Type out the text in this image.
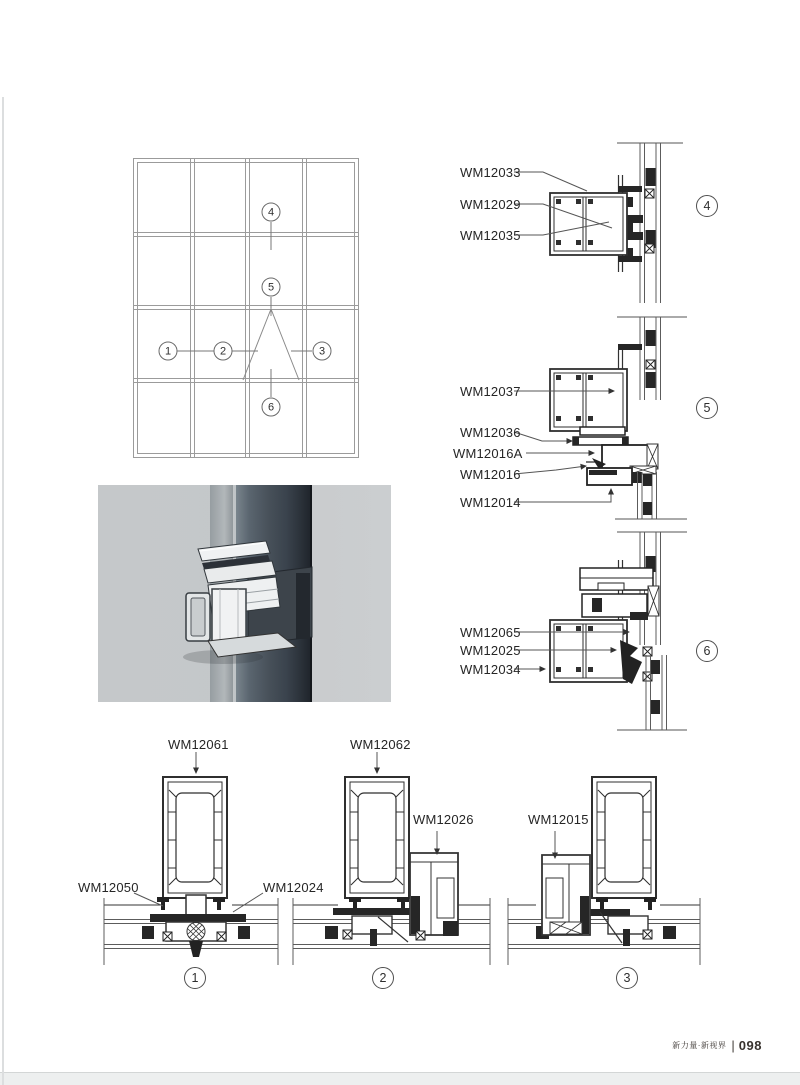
WM12033
WM12029
WM12035
WM12037
WM12036
WM12016A
WM12016
WM12014
WM12065
WM12025
WM12034
WM12061
WM12050	WM12024
WM12062
WM12026	WM12015
1	2	3
4
5
6
4
5
6
1	2	3
新力量·新视界 | 098
